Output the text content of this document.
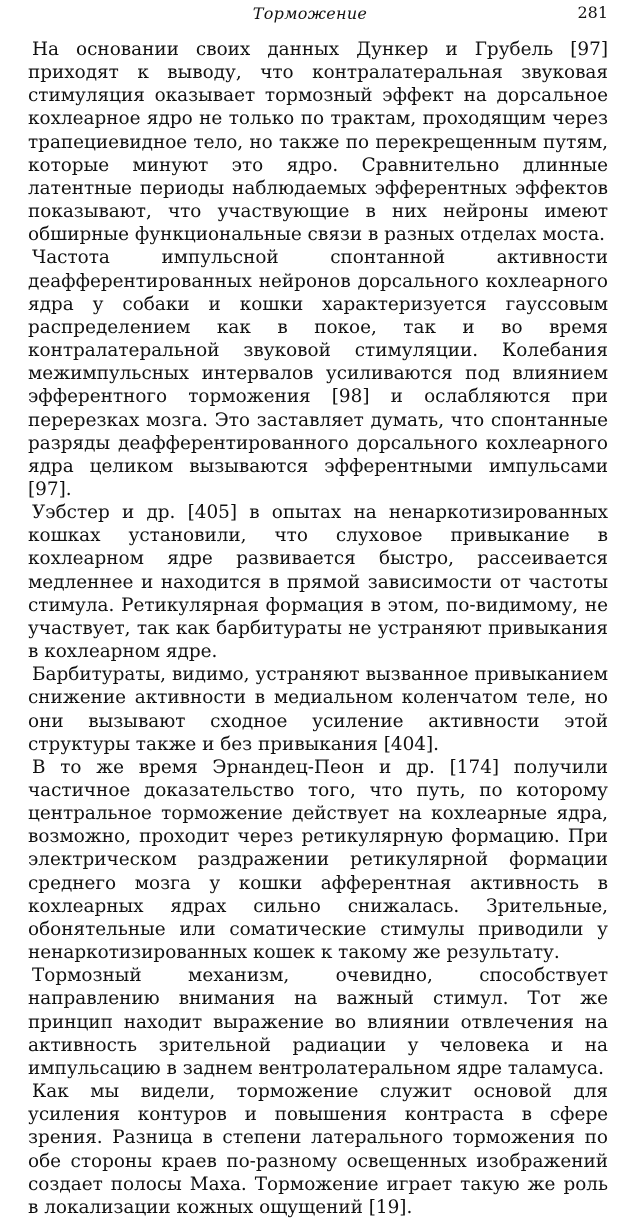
Торможение	281

На основании своих данных Дункер и Грубель [97] приходят к выводу, что контралатеральная звуковая стимуляция оказывает тормозный эффект на дорсальное кохлеарное ядро не только по трактам, проходящим через трапециевидное тело, но также по перекрещенным путям, которые минуют это ядро. Сравнительно длинные латентные периоды наблюдаемых эфферентных эффектов показывают, что участвующие в них нейроны имеют обширные функциональные связи в разных отделах моста.

Частота импульсной спонтанной активности деафферентированных нейронов дорсального кохлеарного ядра у собаки и кошки характеризуется гауссовым распределением как в покое, так и во время контралатеральной звуковой стимуляции. Колебания межимпульсных интервалов усиливаются под влиянием эфферентного торможения [98] и ослабляются при перерезках мозга. Это заставляет думать, что спонтанные разряды деафферентированного дорсального кохлеарного ядра целиком вызываются эфферентными импульсами [97].

Уэбстер и др. [405] в опытах на ненаркотизированных кошках установили, что слуховое привыкание в кохлеарном ядре развивается быстро, рассеивается медленнее и находится в прямой зависимости от частоты стимула. Ретикулярная формация в этом, по-видимому, не участвует, так как барбитураты не устраняют привыкания в кохлеарном ядре.

Барбитураты, видимо, устраняют вызванное привыканием снижение активности в медиальном коленчатом теле, но они вызывают сходное усиление активности этой структуры также и без привыкания [404].

В то же время Эрнандец-Пеон и др. [174] получили частичное доказательство того, что путь, по которому центральное торможение действует на кохлеарные ядра, возможно, проходит через ретикулярную формацию. При электрическом раздражении ретикулярной формации среднего мозга у кошки афферентная активность в кохлеарных ядрах сильно снижалась. Зрительные, обонятельные или соматические стимулы приводили у ненаркотизированных кошек к такому же результату.

Тормозный механизм, очевидно, способствует направлению внимания на важный стимул. Тот же принцип находит выражение во влиянии отвлечения на активность зрительной радиации у человека и на импульсацию в заднем вентролатеральном ядре таламуса.

Как мы видели, торможение служит основой для усиления контуров и повышения контраста в сфере зрения. Разница в степени латерального торможения по обе стороны краев по-разному освещенных изображений создает полосы Маха. Торможение играет такую же роль в локализации кожных ощущений [19].
